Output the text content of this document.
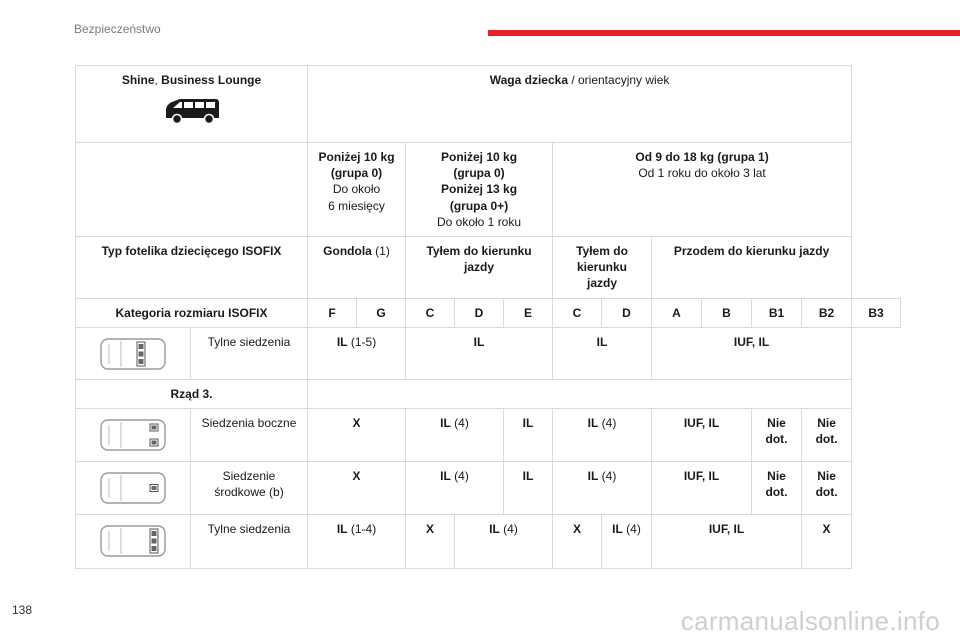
Bezpieczeństwo
Shine, Business Lounge		Waga dziecka / orientacyjny wiek											

		Poniżej 10 kg
(grupa 0)
Do około
6 miesięcy		Poniżej 10 kg
(grupa 0)
Poniżej 13 kg
(grupa 0+)
Do około 1 roku			Od 9 do 18 kg (grupa 1)
Od 1 roku do około 3 lat						

Typ fotelika dziecięcego ISOFIX		Gondola (1)		Tyłem do kierunku jazdy			Tyłem do
kierunku
jazdy		Przodem do kierunku jazdy				
Kategoria rozmiaru ISOFIX		F	G	C	D	E	C	D	A	B	B1	B2	B3

	Tylne siedzenia	IL (1-5)		IL			IL		IUF, IL				
Rząd 3.													

	Siedzenia boczne	X		IL (4)		IL	IL (4)		IUF, IL		Nie
dot.	Nie
dot.	

Siedzenie
środkowe (b)	X		IL (4)		IL	IL (4)		IUF, IL		Nie
dot.	Nie
dot.	

	Tylne siedzenia	IL (1-4)		X	IL (4)		X	IL (4)	IUF, IL			X	
138	carmanualsonline.info
